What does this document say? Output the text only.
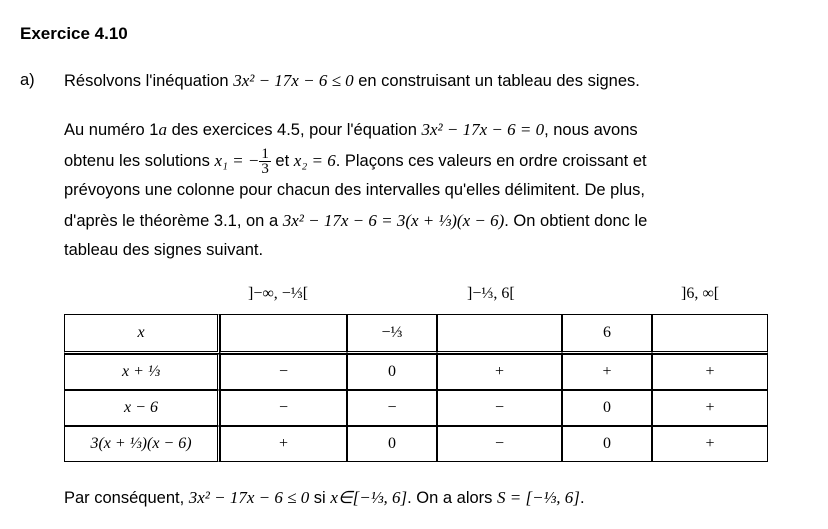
Exercice 4.10
a) Résolvons l'inéquation 3x² − 17x − 6 ≤ 0 en construisant un tableau des signes.
Au numéro 1a des exercices 4.5, pour l'équation 3x² − 17x − 6 = 0, nous avons
obtenu les solutions x₁ = − $\frac{1}{3}$ et x₂ = 6. Plaçons ces valeurs en ordre croissant et
prévoyons une colonne pour chacun des intervalles qu'elles délimitent. De plus,
d'après le théorème 3.1, on a 3x² − 17x − 6 = 3(x + ⅓)(x − 6). On obtient donc le
tableau des signes suivant.
]−∞, −⅓[	]−⅓, 6[	]6, ∞[
x		−⅓		6	
x + ⅓	−	0	+	+	+
x − 6	−	−	−	0	+
3(x + ⅓)(x − 6)	+	0	−	0	+
Par conséquent, 3x² − 17x − 6 ≤ 0 si x∈[−⅓, 6]. On a alors S = [−⅓, 6].
